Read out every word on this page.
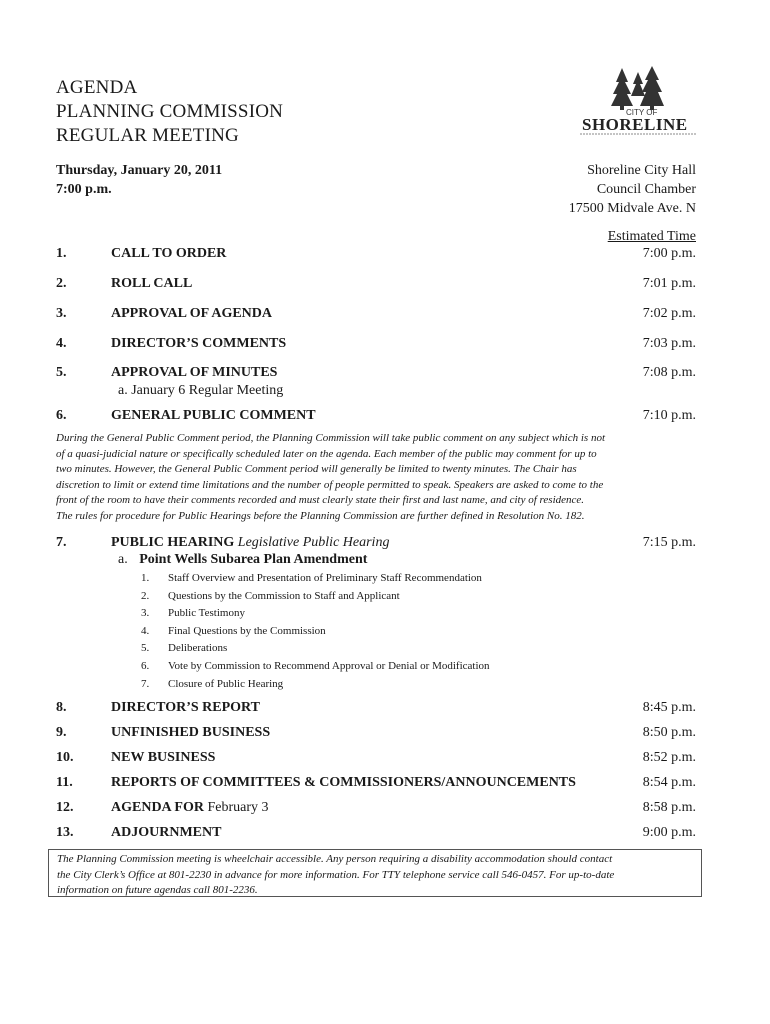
AGENDA
PLANNING COMMISSION
REGULAR MEETING
CITY OF
SHORELINE
Thursday, January 20, 2011
7:00 p.m.
Shoreline City Hall
Council Chamber
17500 Midvale Ave. N
Estimated Time
1.	CALL TO ORDER	7:00 p.m.
2.	ROLL CALL	7:01 p.m.
3.	APPROVAL OF AGENDA	7:02 p.m.
4.	DIRECTOR’S COMMENTS	7:03 p.m.
5.	APPROVAL OF MINUTES	7:08 p.m.
a. January 6 Regular Meeting
6.	GENERAL PUBLIC COMMENT	7:10 p.m.
During the General Public Comment period, the Planning Commission will take public comment on any subject which is not
of a quasi-judicial nature or specifically scheduled later on the agenda. Each member of the public may comment for up to
two minutes. However, the General Public Comment period will generally be limited to twenty minutes. The Chair has
discretion to limit or extend time limitations and the number of people permitted to speak. Speakers are asked to come to the
front of the room to have their comments recorded and must clearly state their first and last name, and city of residence.
The rules for procedure for Public Hearings before the Planning Commission are further defined in Resolution No. 182.
7.	PUBLIC HEARING Legislative Public Hearing	7:15 p.m.
a. Point Wells Subarea Plan Amendment
1. Staff Overview and Presentation of Preliminary Staff Recommendation
2. Questions by the Commission to Staff and Applicant
3. Public Testimony
4. Final Questions by the Commission
5. Deliberations
6. Vote by Commission to Recommend Approval or Denial or Modification
7. Closure of Public Hearing
8.	DIRECTOR’S REPORT	8:45 p.m.
9.	UNFINISHED BUSINESS	8:50 p.m.
10.	NEW BUSINESS	8:52 p.m.
11.	REPORTS OF COMMITTEES & COMMISSIONERS/ANNOUNCEMENTS	8:54 p.m.
12.	AGENDA FOR February 3	8:58 p.m.
13.	ADJOURNMENT	9:00 p.m.
The Planning Commission meeting is wheelchair accessible. Any person requiring a disability accommodation should contact
the City Clerk’s Office at 801-2230 in advance for more information. For TTY telephone service call 546-0457. For up-to-date
information on future agendas call 801-2236.
